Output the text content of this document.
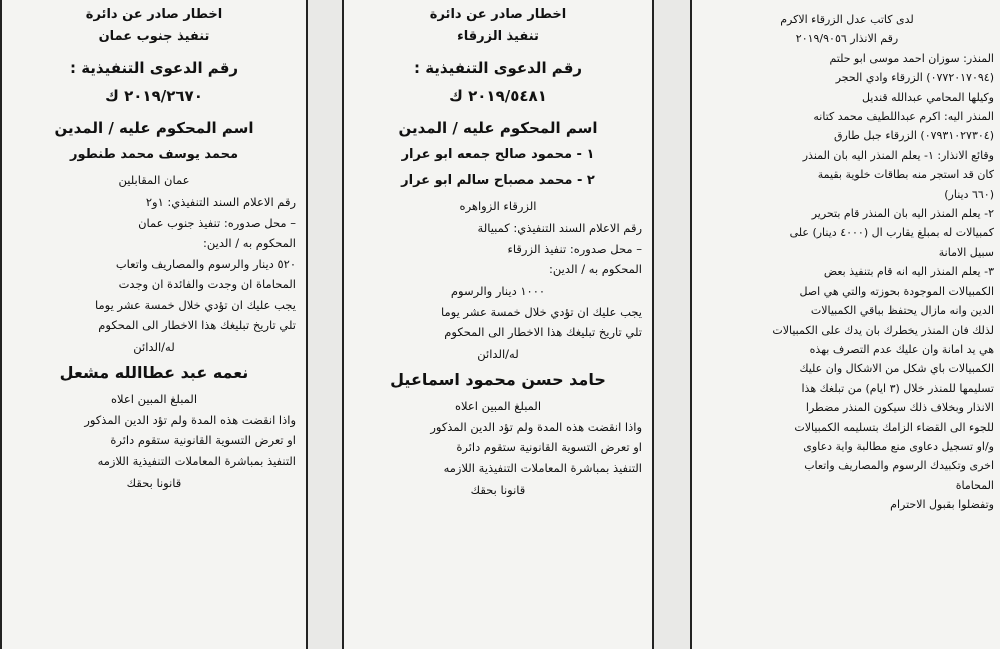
اخطار صادر عن دائرة
تنفيذ جنوب عمان
رقم الدعوى التنفيذية :
٢٠١٩/٢٦٧٠ ك
اسم المحكوم عليه / المدين
محمد يوسف محمد طنطور
عمان المقابلين
رقم الاعلام السند التنفيذي: ١و٢
– محل صدوره: تنفيذ جنوب عمان
المحكوم به / الدين:
٥٢٠ دينار والرسوم والمصاريف واتعاب
المحاماة ان وجدت والفائدة ان وجدت
يجب عليك ان تؤدي خلال خمسة عشر يوما
تلي تاريخ تبليغك هذا الاخطار الى المحكوم
له/الدائن
نعمه عبد عطاالله مشعل
المبلغ المبين اعلاه
واذا انقضت هذه المدة ولم تؤد الدين المذكور
او تعرض التسوية القانونية ستقوم دائرة
التنفيذ بمباشرة المعاملات التنفيذية اللازمه
قانونا بحقك
اخطار صادر عن دائرة
تنفيذ الزرقاء
رقم الدعوى التنفيذية :
٢٠١٩/٥٤٨١ ك
اسم المحكوم عليه / المدين
١ - محمود صالح جمعه ابو عرار
٢ - محمد مصباح سالم ابو عرار
الزرقاء الزواهره
رقم الاعلام السند التنفيذي: كمبيالة
– محل صدوره: تنفيذ الزرقاء
المحكوم به / الدين:
١٠٠٠ دينار والرسوم
يجب عليك ان تؤدي خلال خمسة عشر يوما
تلي تاريخ تبليغك هذا الاخطار الى المحكوم
له/الدائن
حامد حسن محمود اسماعيل
المبلغ المبين اعلاه
واذا انقضت هذه المدة ولم تؤد الدين المذكور
او تعرض التسوية القانونية ستقوم دائرة
التنفيذ بمباشرة المعاملات التنفيذية اللازمه
قانونا بحقك
لدى كاتب عدل الزرقاء الاكرم
رقم الانذار ٢٠١٩/٩٠٥٦
المنذر: سوزان احمد موسى ابو حلتم
(٠٧٧٢٠١٧٠٩٤) الزرقاء وادي الحجر
وكيلها المحامي عبدالله قنديل
المنذر اليه: اكرم عبداللطيف محمد كتانه
(٠٧٩٣١٠٢٧٣٠٤) الزرقاء جبل طارق
وقائع الانذار: ١- يعلم المنذر اليه بان المنذر
كان قد استجر منه بطاقات خلوية بقيمة
(٦٦٠ دينار)
٢- يعلم المنذر اليه بان المنذر قام بتحرير
كمبيالات له بمبلغ يقارب ال (٤٠٠٠ دينار) على
سبيل الامانة
٣- يعلم المنذر اليه انه قام بتنفيذ بعض
الكمبيالات الموجودة بحوزته والتي هي اصل
الدين وانه مازال يحتفظ بباقي الكمبيالات
لذلك فان المنذر يخطرك بان يدك على الكمبيالات
هي يد امانة وان عليك عدم التصرف بهذه
الكمبيالات باي شكل من الاشكال وان عليك
تسليمها للمنذر خلال (٣ ايام) من تبلغك هذا
الانذار وبخلاف ذلك سيكون المنذر مضطرا
للجوء الى القضاء الزامك بتسليمه الكمبيالات
و/او تسجيل دعاوى منع مطالبة واية دعاوى
اخرى وتكبيدك الرسوم والمصاريف واتعاب
المحاماة
وتفضلوا بقبول الاحترام
